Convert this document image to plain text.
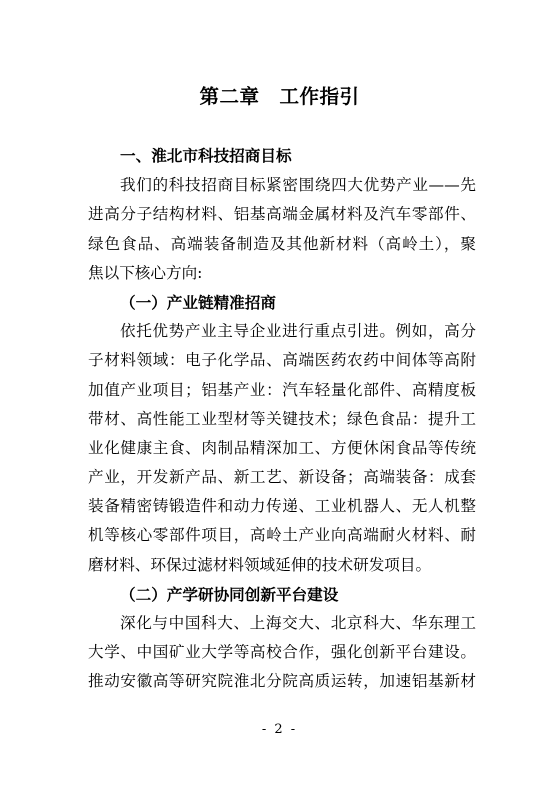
第二章　工作指引
一、淮北市科技招商目标
我们的科技招商目标紧密围绕四大优势产业——先
进高分子结构材料、铝基高端金属材料及汽车零部件、
绿色食品、高端装备制造及其他新材料（高岭土），聚
焦以下核心方向:
（一）产业链精准招商
依托优势产业主导企业进行重点引进。例如，高分
子材料领域：电子化学品、高端医药农药中间体等高附
加值产业项目；铝基产业：汽车轻量化部件、高精度板
带材、高性能工业型材等关键技术；绿色食品：提升工
业化健康主食、肉制品精深加工、方便休闲食品等传统
产业，开发新产品、新工艺、新设备；高端装备：成套
装备精密铸锻造件和动力传递、工业机器人、无人机整
机等核心零部件项目，高岭土产业向高端耐火材料、耐
磨材料、环保过滤材料领域延伸的技术研发项目。
（二）产学研协同创新平台建设
深化与中国科大、上海交大、北京科大、华东理工
大学、中国矿业大学等高校合作，强化创新平台建设。
推动安徽高等研究院淮北分院高质运转，加速铝基新材
- 2 -
